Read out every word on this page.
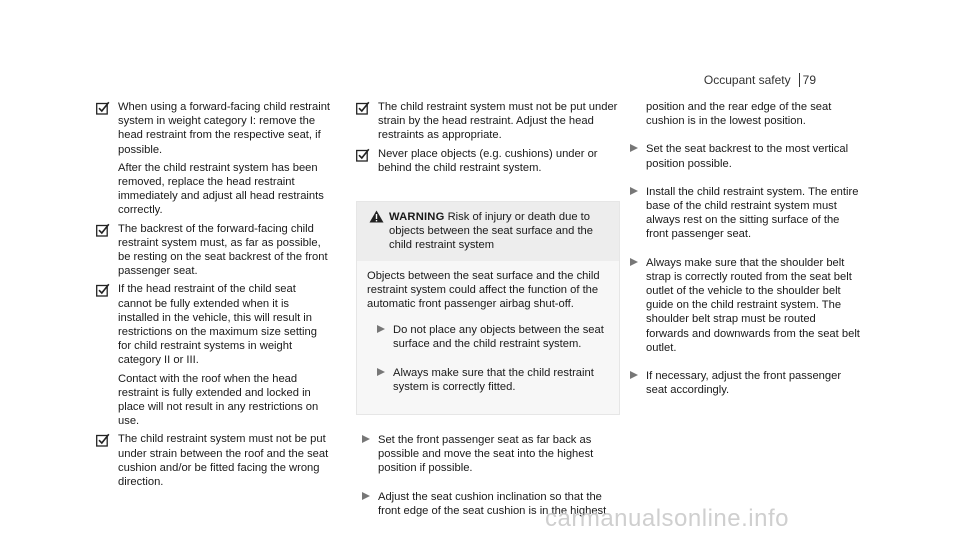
Occupant safety	79

When using a forward-facing child restraint system in weight category I: remove the head restraint from the respective seat, if possible.

After the child restraint system has been removed, replace the head restraint immediately and adjust all head restraints correctly.

The backrest of the forward-facing child restraint system must, as far as possible, be resting on the seat backrest of the front passenger seat.

If the head restraint of the child seat cannot be fully extended when it is installed in the vehicle, this will result in restrictions on the maximum size setting for child restraint systems in weight category II or III.

Contact with the roof when the head restraint is fully extended and locked in place will not result in any restrictions on use.

The child restraint system must not be put under strain between the roof and the seat cushion and/or be fitted facing the wrong direction.

The child restraint system must not be put under strain by the head restraint. Adjust the head restraints as appropriate.

Never place objects (e.g. cushions) under or behind the child restraint system.

WARNING Risk of injury or death due to objects between the seat surface and the child restraint system

Objects between the seat surface and the child restraint system could affect the function of the automatic front passenger airbag shut-off.

Do not place any objects between the seat surface and the child restraint system.

Always make sure that the child restraint system is correctly fitted.

Set the front passenger seat as far back as possible and move the seat into the highest position if possible.

Adjust the seat cushion inclination so that the front edge of the seat cushion is in the highest

position and the rear edge of the seat cushion is in the lowest position.

Set the seat backrest to the most vertical position possible.

Install the child restraint system. The entire base of the child restraint system must always rest on the sitting surface of the front passenger seat.

Always make sure that the shoulder belt strap is correctly routed from the seat belt outlet of the vehicle to the shoulder belt guide on the child restraint system. The shoulder belt strap must be routed forwards and downwards from the seat belt outlet.

If necessary, adjust the front passenger seat accordingly.

carmanualsonline.info
